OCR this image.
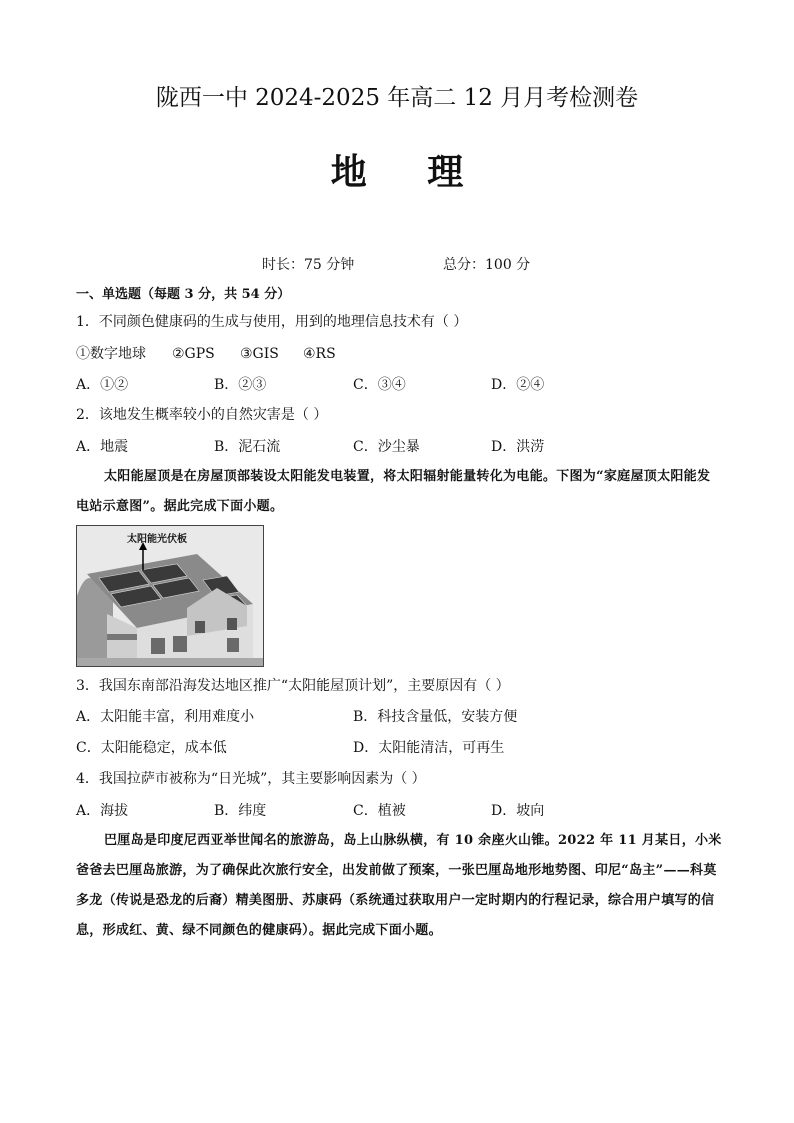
陇西一中 2024-2025 年高二 12 月月考检测卷
地 理
时长：75 分钟	总分：100 分
一、单选题（每题 3 分，共 54 分）
1．不同颜色健康码的生成与使用，用到的地理信息技术有（ ）
①数字地球 ②GPS ③GIS ④RS
A．①②	B．②③	C．③④	D．②④
2．该地发生概率较小的自然灾害是（ ）
A．地震	B．泥石流	C．沙尘暴	D．洪涝
太阳能屋顶是在房屋顶部装设太阳能发电装置，将太阳辐射能量转化为电能。下图为“家庭屋顶太阳能发电站示意图”。据此完成下面小题。
太阳能光伏板
3．我国东南部沿海发达地区推广“太阳能屋顶计划”，主要原因有（ ）
A．太阳能丰富，利用难度小	B．科技含量低，安装方便
C．太阳能稳定，成本低	D．太阳能清洁，可再生
4．我国拉萨市被称为“日光城”，其主要影响因素为（ ）
A．海拔	B．纬度	C．植被	D．坡向
巴厘岛是印度尼西亚举世闻名的旅游岛，岛上山脉纵横，有 10 余座火山锥。2022 年 11 月某日，小米爸爸去巴厘岛旅游，为了确保此次旅行安全，出发前做了预案，一张巴厘岛地形地势图、印尼“岛主”——科莫多龙（传说是恐龙的后裔）精美图册、苏康码（系统通过获取用户一定时期内的行程记录，综合用户填写的信息，形成红、黄、绿不同颜色的健康码）。据此完成下面小题。
